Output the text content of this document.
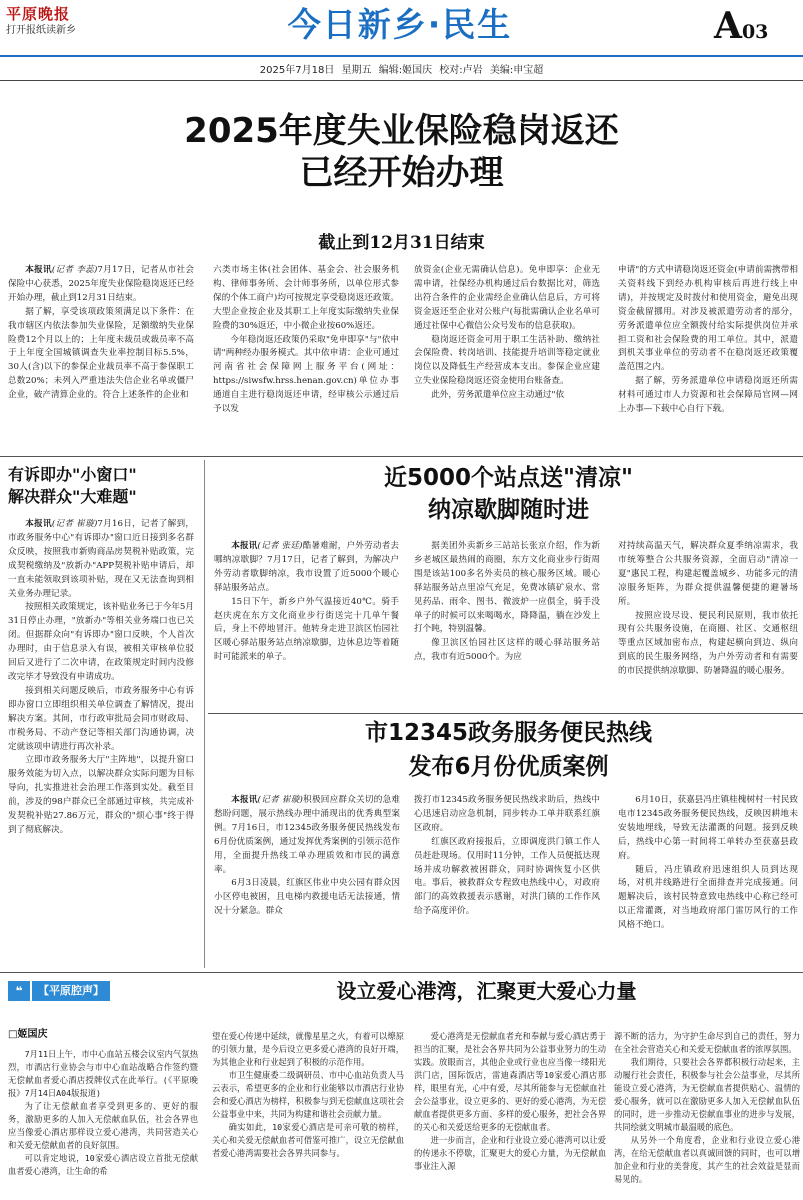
平原晚报
打开报纸读新乡	今日新乡·民生	A03
2025年7月18日 星期五 编辑:姬国庆 校对:卢岩 美编:申宝超
2025年度失业保险稳岗返还
已经开始办理
截止到12月31日结束

本报讯(记者 李蕊)7月17日，记者从市社会保险中心获悉，2025年度失业保险稳岗返还已经开始办理，截止到12月31日结束。

据了解，享受该项政策须满足以下条件：在我市辖区内依法参加失业保险，足额缴纳失业保险费12个月以上的；上年度未裁员或裁员率不高于上年度全国城镇调查失业率控制目标5.5%，30人(含)以下的参保企业裁员率不高于参保职工总数20%；未列入严重违法失信企业名单或僵尸企业，破产清算企业的。符合上述条件的企业和

六类市场主体(社会团体、基金会、社会服务机构、律师事务所、会计师事务所，以单位形式参保的个体工商户)均可按规定享受稳岗返还政策。大型企业按企业及其职工上年度实际缴纳失业保险费的30%返还，中小微企业按60%返还。

今年稳岗返还政策仍采取"免申即享"与"依申请"两种经办服务模式。其中依申请：企业可通过河南省社会保障网上服务平台(网址：https://siwsfw.hrss.henan.gov.cn)单位办事通道自主进行稳岗返还申请，经审核公示通过后予以发

放资金(企业无需确认信息)。免申即享：企业无需申请，社保经办机构通过后台数据比对，筛选出符合条件的企业需经企业确认信息后，方可将资金返还至企业对公账户(每批需确认企业名单可通过社保中心微信公众号发布的信息获取)。

稳岗返还资金可用于职工生活补助、缴纳社会保险费、转岗培训、技能提升培训等稳定就业岗位以及降低生产经营成本支出。参保企业应建立失业保险稳岗返还资金使用台账备查。

此外，劳务派遣单位应主动通过"依

申请"的方式申请稳岗返还资金(申请前需携带相关资料线下到经办机构审核后再进行线上申请)，并按规定及时拨付和使用资金，避免出现资金截留挪用。对涉及被派遣劳动者的部分，劳务派遣单位应全额拨付给实际提供岗位并承担工资和社会保险费的用工单位。其中，派遣到机关事业单位的劳动者不在稳岗返还政策覆盖范围之内。

据了解，劳务派遣单位申请稳岗返还所需材料可通过市人力资源和社会保障局官网—网上办事—下载中心自行下载。

有诉即办"小窗口"
解决群众"大难题"

本报讯(记者 崔璇)7月16日，记者了解到，市政务服务中心"有诉即办"窗口近日接到多名群众反映，按照我市新购商品房契税补贴政策，完成契税缴纳及"放新办"APP契税补贴申请后，却一直未能领取到该项补贴，现在又无法查询到相关业务办理记录。

按照相关政策规定，该补贴业务已于今年5月31日停止办理，"放新办"等相关业务端口也已关闭。但据群众向"有诉即办"窗口反映，个人首次办理时，由于信息录入有误，被相关审核单位驳回后又进行了二次申请，在政策规定时间内没修改完毕才导致没有申请成功。

接到相关问题反映后，市政务服务中心有诉即办窗口立即组织相关单位调查了解情况，提出解决方案。其间，市行政审批局会同市财政局、市税务局、不动产登记等相关部门沟通协调，决定就该项申请进行再次补录。

立即市政务服务大厅"主阵地"，以提升窗口服务效能为切入点，以解决群众实际问题为目标导向，扎实推进社会治理工作落到实处。截至目前，涉及的98户群众已全部通过审核，共完成补发契税补贴27.86万元，群众的"烦心事"终于得到了彻底解决。

近5000个站点送"清凉"
纳凉歇脚随时进

本报讯(记者 张廷)酷暑难耐，户外劳动者去哪纳凉歇脚？7月17日，记者了解到，为解决户外劳动者歇脚纳凉，我市设置了近5000个暖心驿站服务站点。

15日下午，新乡户外气温接近40℃。骑手赵庆虎在东方文化商业步行街送完十几单午餐后，身上不停地冒汗。他转身走进卫滨区怡园社区暖心驿站服务站点纳凉歇脚，边休息边等着随时可能派来的单子。

据美团外卖新乡三站站长张京介绍，作为新乡老城区最热闹的商圈，东方文化商业步行街周围是该站100多名外卖员的核心服务区域。暖心驿站服务站点里凉气充足，免费冰镇矿泉水、常见药品、雨伞、图书、微波炉一应俱全，骑手没单子的时候可以来喝喝水，降降温，躺在沙发上打个盹，特别温馨。

像卫滨区怡园社区这样的暖心驿站服务站点，我市有近5000个。为应

对持续高温天气，解决群众夏季纳凉需求，我市统筹整合公共服务资源，全面启动"清凉一夏"惠民工程，构建起覆盖城乡、功能多元的清凉服务矩阵，为群众提供温馨便捷的避暑场所。

按照应设尽设、便民利民原则，我市依托现有公共服务设施，在商圈、社区、交通枢纽等重点区域加密布点，构建起横向到边、纵向到底的民生服务网络，为户外劳动者和有需要的市民提供纳凉歇脚、防暑降温的暖心服务。

市12345政务服务便民热线
发布6月份优质案例

本报讯(记者 崔璇)积极回应群众关切的急难愁盼问题，展示热线办理中涌现出的优秀典型案例。7月16日，市12345政务服务便民热线发布6月份优质案例，通过发挥优秀案例的引领示范作用，全面提升热线工单办理质效和市民的满意率。

6月3日凌晨，红旗区伟业中央公园有群众因小区停电被困，且电梯内救援电话无法接通，情况十分紧急。群众

拨打市12345政务服务便民热线求助后，热线中心迅速启动应急机制，同步转办工单并联系红旗区政府。

红旗区政府接报后，立即调度洪门镇工作人员赶赴现场。仅用时11分钟，工作人员便抵达现场并成功解救被困群众，同时协调恢复小区供电。事后，被救群众专程致电热线中心，对政府部门的高效救援表示感谢，对洪门镇的工作作风给予高度评价。

6月10日，获嘉县冯庄镇桂槐树村一村民致电市12345政务服务便民热线，反映因耕地未安装地埋线，导致无法灌溉的问题。接到反映后，热线中心第一时间将工单转办至获嘉县政府。

随后，冯庄镇政府迅速组织人员到达现场，对机井线路进行全面排查并完成接通。问题解决后，该村民特意致电热线中心称已经可以正常灌溉，对当地政府部门雷厉风行的工作风格不绝口。

❝ 【平原腔声】	设立爱心港湾，汇聚更大爱心力量
□姬国庆

7月11日上午，市中心血站五楼会议室内气氛热烈，市酒店行业协会与市中心血站战略合作签约暨无偿献血者爱心酒店授牌仪式在此举行。(《平原晚报》7月14日A04版报道)

为了让无偿献血者享受到更多的、更好的服务，激励更多的人加入无偿献血队伍，社会各界也应当像爱心酒店那样设立爱心港湾，共同营造关心和关爱无偿献血者的良好氛围。

可以肯定地说，10家爱心酒店设立首批无偿献血者爱心港湾，让生命的希

望在爱心传递中延续，就像星星之火，有着可以燎原的引领力量，是今后设立更多爱心港湾的良好开端，为其他企业和行业起到了积极的示范作用。

市卫生健康委二级调研员、市中心血站负责人马云表示，希望更多的企业和行业能够以市酒店行业协会和爱心酒店为榜样，积极参与到无偿献血这项社会公益事业中来，共同为构建和谐社会贡献力量。

确实如此，10家爱心酒店是可亲可敬的榜样，关心和关爱无偿献血者可借鉴可推广，设立无偿献血者爱心港湾需要社会各界共同参与。

爱心港湾是无偿献血者充和奉献与爱心酒店勇于担当的汇聚，是社会各界共同为公益事业努力的生动实践。放眼而言，其他企业或行业也应当像一缕阳光洪门店，国际饭店，雷迪森酒店等10家爱心酒店那样，眼里有光，心中有爱，尽其所能参与无偿献血社会公益事业，设立更多的、更好的爱心港湾，为无偿献血者提供更多方面、多样的爱心服务，把社会各界的关心和关爱送给更多的无偿献血者。

进一步而言，企业和行业设立爱心港湾可以让爱的传递永不停歇，汇聚更大的爱心力量，为无偿献血事业注入源

源不断的活力，为守护生命尽到自己的责任，努力在全社会营造关心和关爱无偿献血者的浓厚氛围。

我们期待，只要社会各界都积极行动起来，主动履行社会责任，积极参与社会公益事业，尽其所能设立爱心港湾，为无偿献血者提供贴心、温情的爱心服务，就可以在激励更多人加入无偿献血队伍的同时，进一步推动无偿献血事业的进步与发展，共同绘就文明城市最温暖的底色。

从另外一个角度看，企业和行业设立爱心港湾，在给无偿献血者以真诚回馈的同时，也可以增加企业和行业的美誉度，其产生的社会效益是显而易见的。
